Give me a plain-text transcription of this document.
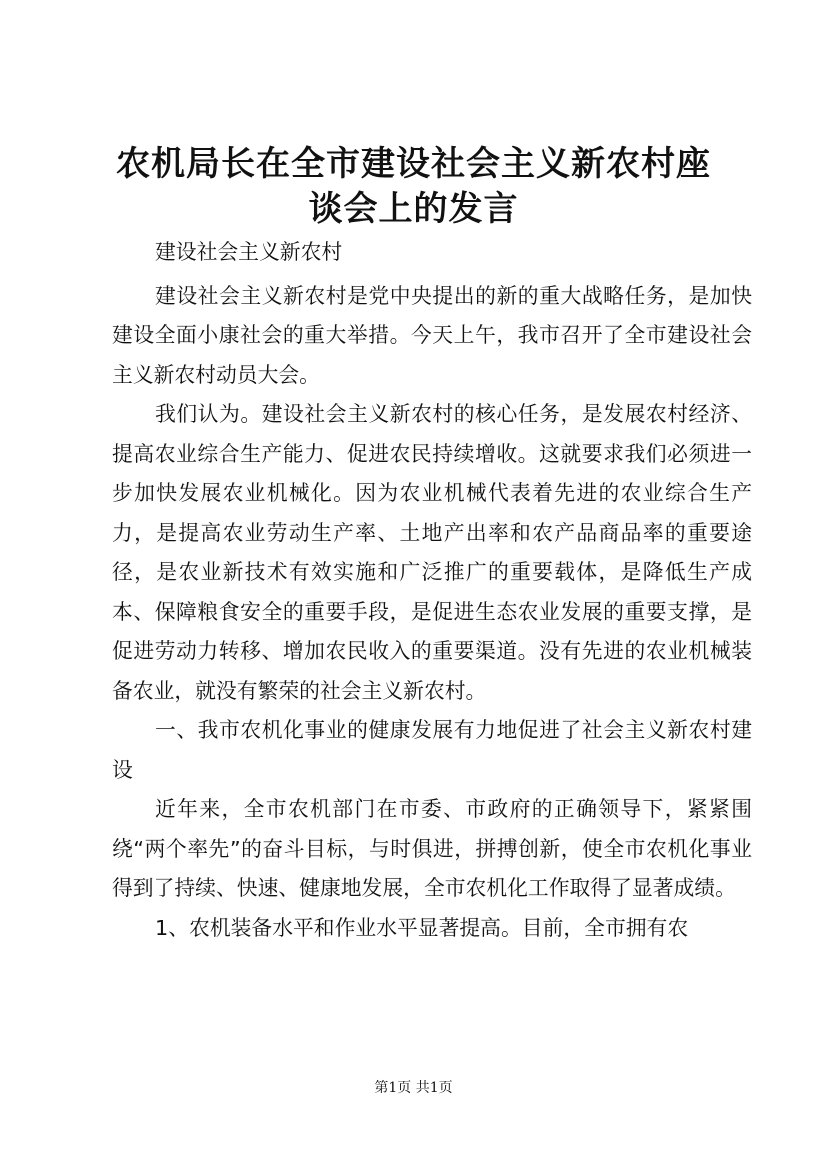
农机局长在全市建设社会主义新农村座谈会上的发言

建设社会主义新农村

建设社会主义新农村是党中央提出的新的重大战略任务，是加快建设全面小康社会的重大举措。今天上午，我市召开了全市建设社会主义新农村动员大会。

我们认为。建设社会主义新农村的核心任务，是发展农村经济、提高农业综合生产能力、促进农民持续增收。这就要求我们必须进一步加快发展农业机械化。因为农业机械代表着先进的农业综合生产力，是提高农业劳动生产率、土地产出率和农产品商品率的重要途径，是农业新技术有效实施和广泛推广的重要载体，是降低生产成本、保障粮食安全的重要手段，是促进生态农业发展的重要支撑，是促进劳动力转移、增加农民收入的重要渠道。没有先进的农业机械装备农业，就没有繁荣的社会主义新农村。

一、我市农机化事业的健康发展有力地促进了社会主义新农村建设

近年来，全市农机部门在市委、市政府的正确领导下，紧紧围绕“两个率先”的奋斗目标，与时俱进，拼搏创新，使全市农机化事业得到了持续、快速、健康地发展，全市农机化工作取得了显著成绩。

1、农机装备水平和作业水平显著提高。目前，全市拥有农

第1页 共1页
